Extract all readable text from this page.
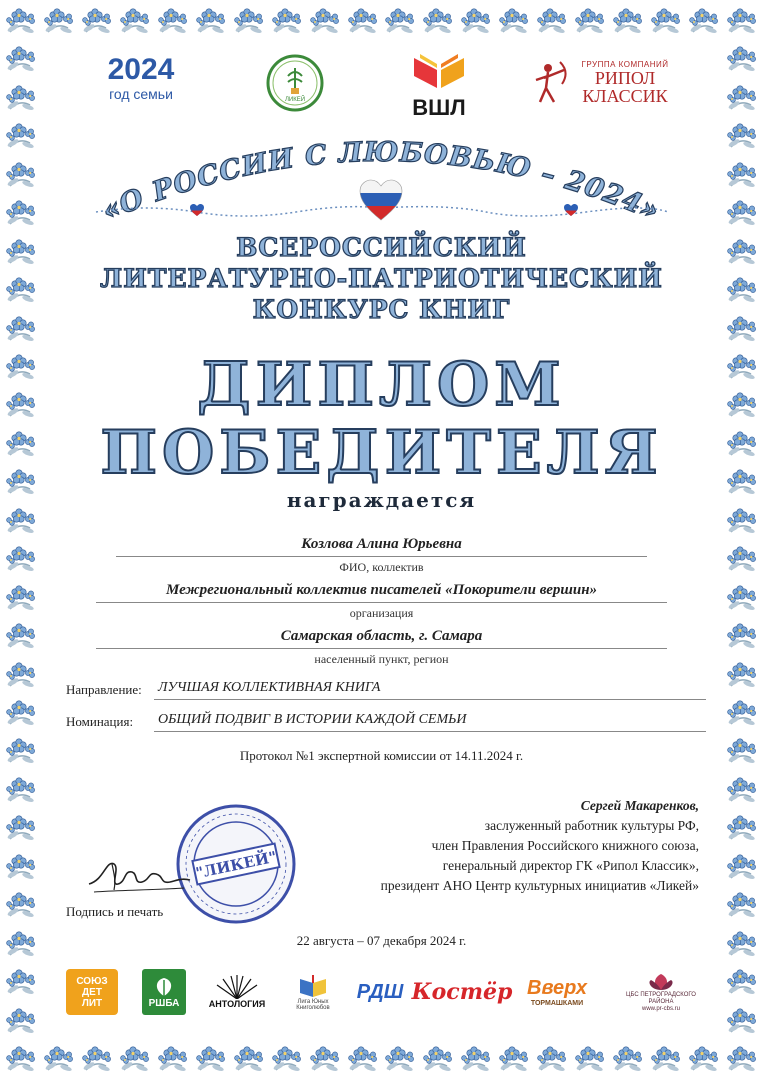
2024
год семьи	ЛИКЕЙ	ВШЛ
ГРУППА КОМПАНИЙ
РИПОЛ
КЛАССИК
«О РОССИИ С ЛЮБОВЬЮ – 2024»
ВСЕРОССИЙСКИЙ
ЛИТЕРАТУРНО-ПАТРИОТИЧЕСКИЙ
КОНКУРС КНИГ
ДИПЛОМ
ПОБЕДИТЕЛЯ
награждается
Козлова Алина Юрьевна
ФИО, коллектив
Межрегиональный коллектив писателей «Покорители вершин»
организация
Самарская область, г. Самара
населенный пункт, регион
Направление: ЛУЧШАЯ КОЛЛЕКТИВНАЯ КНИГА
Номинация: ОБЩИЙ ПОДВИГ В ИСТОРИИ КАЖДОЙ СЕМЬИ
Протокол №1 экспертной комиссии от 14.11.2024 г.
Сергей Макаренков,
заслуженный работник культуры РФ,
член Правления Российского книжного союза,
генеральный директор ГК «Рипол Классик»,
президент АНО Центр культурных инициатив «Ликей»
"ЛИКЕЙ"
Подпись и печать
22 августа – 07 декабря 2024 г.
СОЮЗ
ДЕТ
ЛИТ	РШБА	АНТОЛОГИЯ	Лига Юных Книголюбов
РДШ Костёр Вверх
ТОРМАШКАМИ
ЦБС ПЕТРОГРАДСКОГО РАЙОНА
www.pr-cbs.ru
